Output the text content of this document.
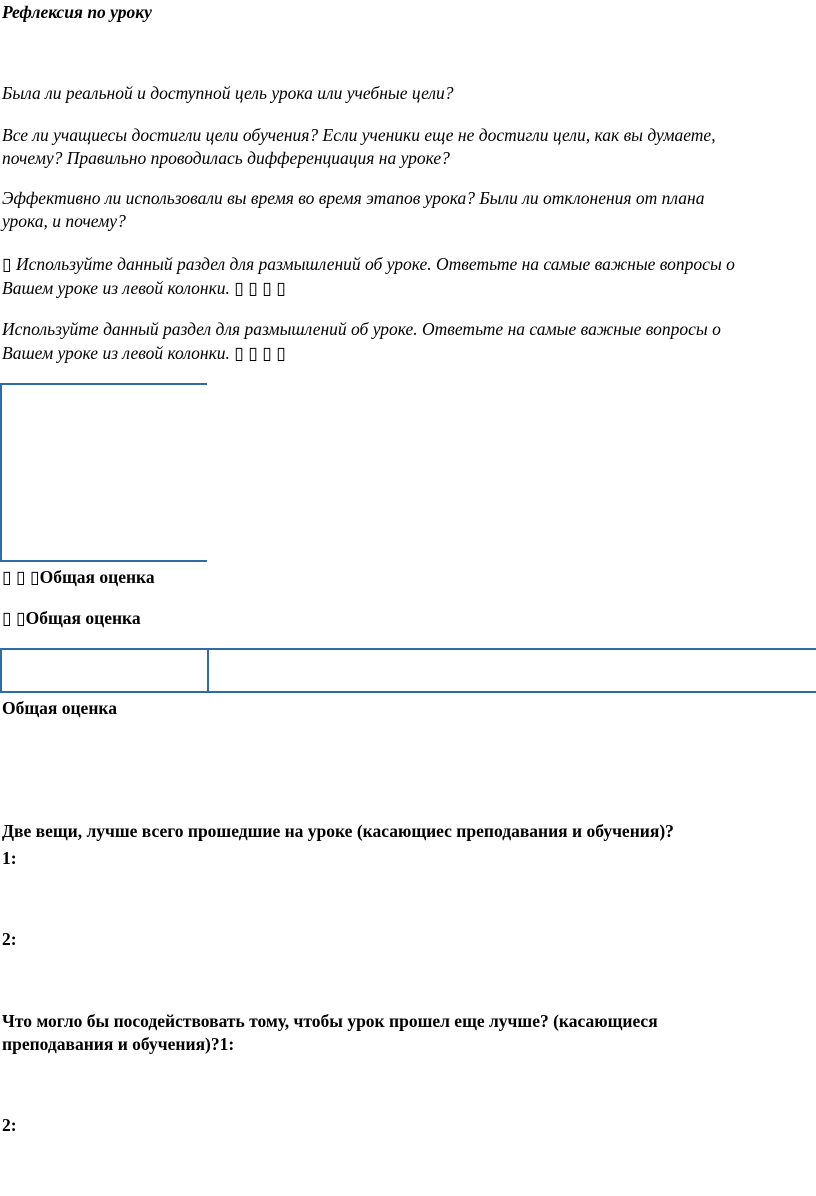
Рефлексия по уроку
Была ли реальной и доступной цель урока или учебные цели?
Все ли учащиесы достигли цели обучения? Если ученики еще не достигли цели, как вы думаете,
почему? Правильно проводилась дифференциация на уроке?
Эффективно ли использовали вы время во время этапов урока? Были ли отклонения от плана
урока, и почему?
▯ Используйте данный раздел для размышлений об уроке. Ответьте на самые важные вопросы о
Вашем уроке из левой колонки. ▯ ▯ ▯ ▯
Используйте данный раздел для размышлений об уроке. Ответьте на самые важные вопросы о
Вашем уроке из левой колонки. ▯ ▯ ▯ ▯
▯ ▯ ▯Общая оценка
▯ ▯Общая оценка
Общая оценка
Две вещи, лучше всего прошедшие на уроке (касающиес преподавания и обучения)?
1:
2:
Что могло бы посодействовать тому, чтобы урок прошел еще лучше? (касающиеся
преподавания и обучения)?1:
2:
